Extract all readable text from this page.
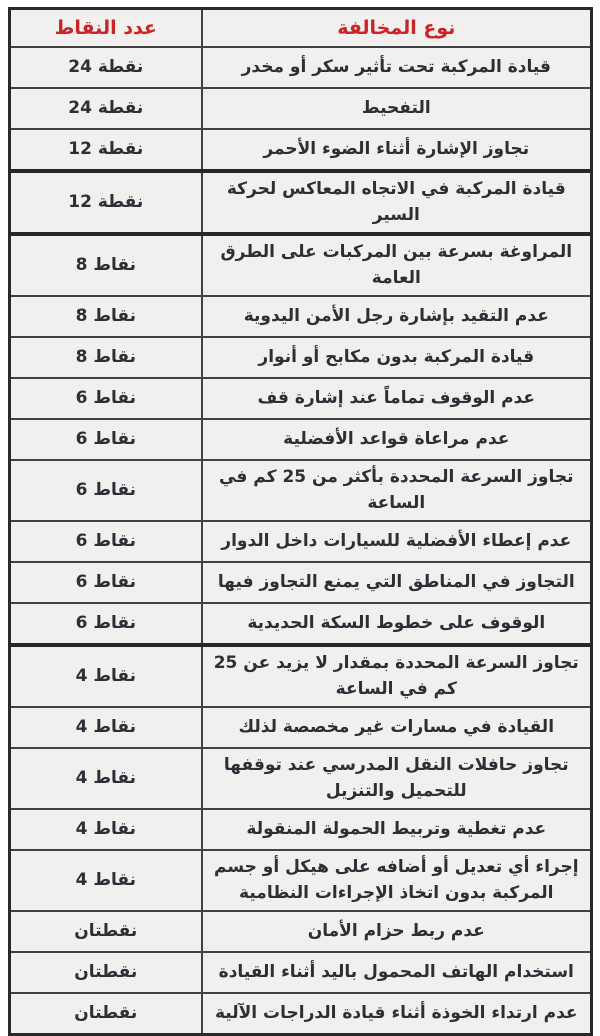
نوع المخالفة	عدد النقاط
قيادة المركبة تحت تأثير سكر أو مخدر	24 نقطة
التفحيط	24 نقطة
تجاوز الإشارة أثناء الضوء الأحمر	12 نقطة
قيادة المركبة في الاتجاه المعاكس لحركة السير	12 نقطة
المراوغة بسرعة بين المركبات على الطرق العامة	8 نقاط
عدم التقيد بإشارة رجل الأمن اليدوية	8 نقاط
قيادة المركبة بدون مكابح أو أنوار	8 نقاط
عدم الوقوف تماماً عند إشارة قف	6 نقاط
عدم مراعاة قواعد الأفضلية	6 نقاط
تجاوز السرعة المحددة بأكثر من 25 كم في الساعة	6 نقاط
عدم إعطاء الأفضلية للسيارات داخل الدوار	6 نقاط
التجاوز في المناطق التي يمنع التجاوز فيها	6 نقاط
الوقوف على خطوط السكة الحديدية	6 نقاط
تجاوز السرعة المحددة بمقدار لا يزيد عن 25 كم في الساعة	4 نقاط
القيادة في مسارات غير مخصصة لذلك	4 نقاط
تجاوز حافلات النقل المدرسي عند توقفها للتحميل والتنزيل	4 نقاط
عدم تغطية وتربيط الحمولة المنقولة	4 نقاط
إجراء أي تعديل أو أضافه على هيكل أو جسم المركبة بدون اتخاذ الإجراءات النظامية	4 نقاط
عدم ربط حزام الأمان	نقطتان
استخدام الهاتف المحمول باليد أثناء القيادة	نقطتان
عدم ارتداء الخوذة أثناء قيادة الدراجات الآلية	نقطتان
